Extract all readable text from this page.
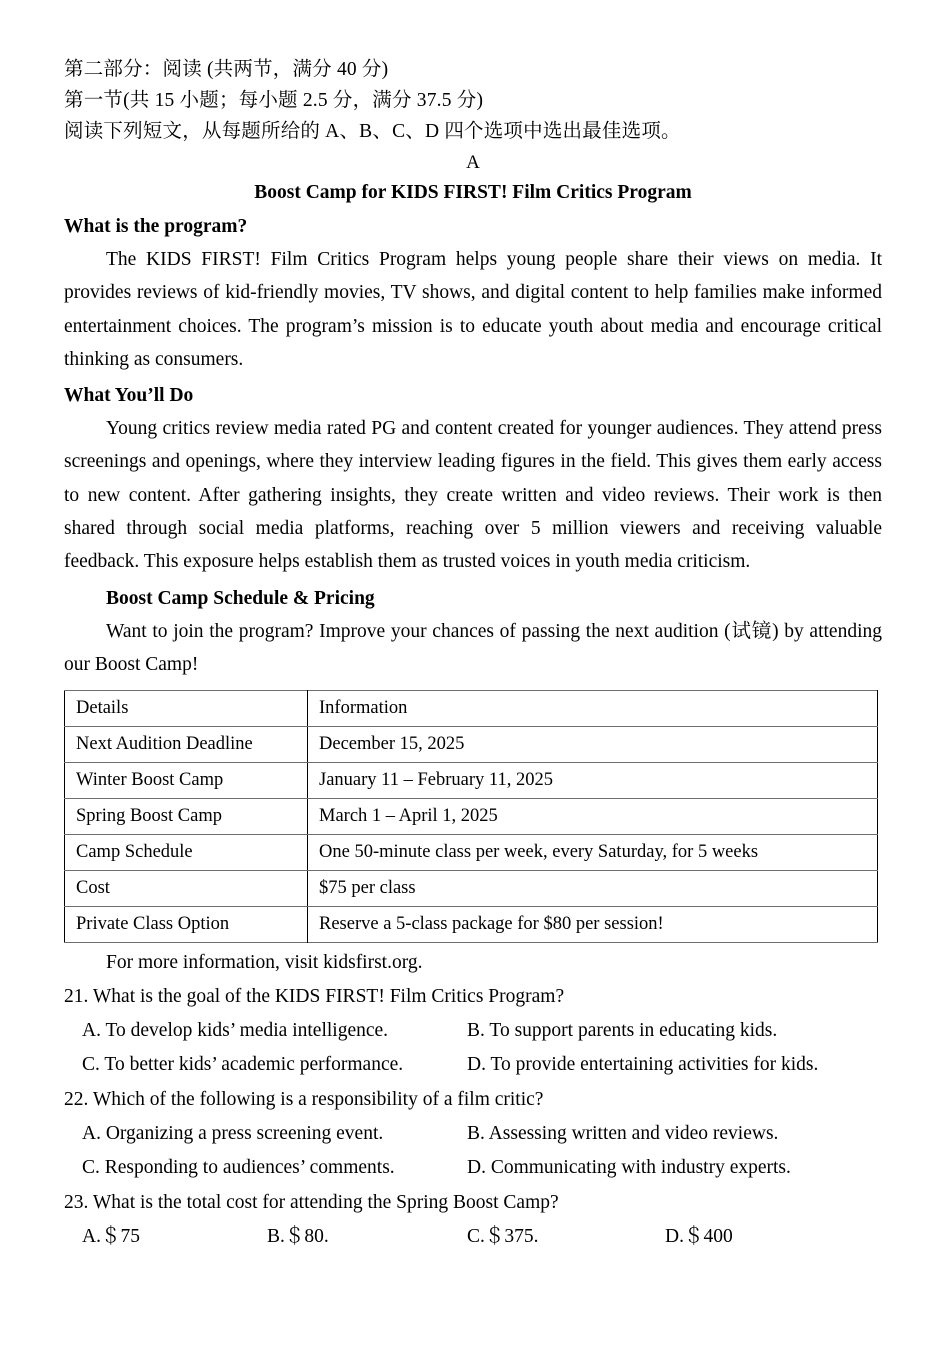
第二部分：阅读 (共两节，满分 40 分)
第一节(共 15 小题；每小题 2.5 分，满分 37.5 分)
阅读下列短文，从每题所给的 A、B、C、D 四个选项中选出最佳选项。
A
Boost Camp for KIDS FIRST! Film Critics Program
What is the program?

The KIDS FIRST! Film Critics Program helps young people share their views on media. It provides reviews of kid-friendly movies, TV shows, and digital content to help families make informed entertainment choices. The program’s mission is to educate youth about media and encourage critical thinking as consumers.

What You’ll Do

Young critics review media rated PG and content created for younger audiences. They attend press screenings and openings, where they interview leading figures in the field. This gives them early access to new content. After gathering insights, they create written and video reviews. Their work is then shared through social media platforms, reaching over 5 million viewers and receiving valuable feedback. This exposure helps establish them as trusted voices in youth media criticism.

Boost Camp Schedule & Pricing

Want to join the program? Improve your chances of passing the next audition (试镜) by attending our Boost Camp!

Details	Information
Next Audition Deadline	December 15, 2025
Winter Boost Camp	January 11 – February 11, 2025
Spring Boost Camp	March 1 – April 1, 2025
Camp Schedule	One 50-minute class per week, every Saturday, for 5 weeks
Cost	$75 per class
Private Class Option	Reserve a 5-class package for $80 per session!
For more information, visit kidsfirst.org.
21. What is the goal of the KIDS FIRST! Film Critics Program?
A. To develop kids’ media intelligence.	B. To support parents in educating kids.
C. To better kids’ academic performance.	D. To provide entertaining activities for kids.
22. Which of the following is a responsibility of a film critic?
A. Organizing a press screening event.	B. Assessing written and video reviews.
C. Responding to audiences’ comments.	D. Communicating with industry experts.
23. What is the total cost for attending the Spring Boost Camp?
A.＄75	B.＄80.	C.＄375.	D.＄400
